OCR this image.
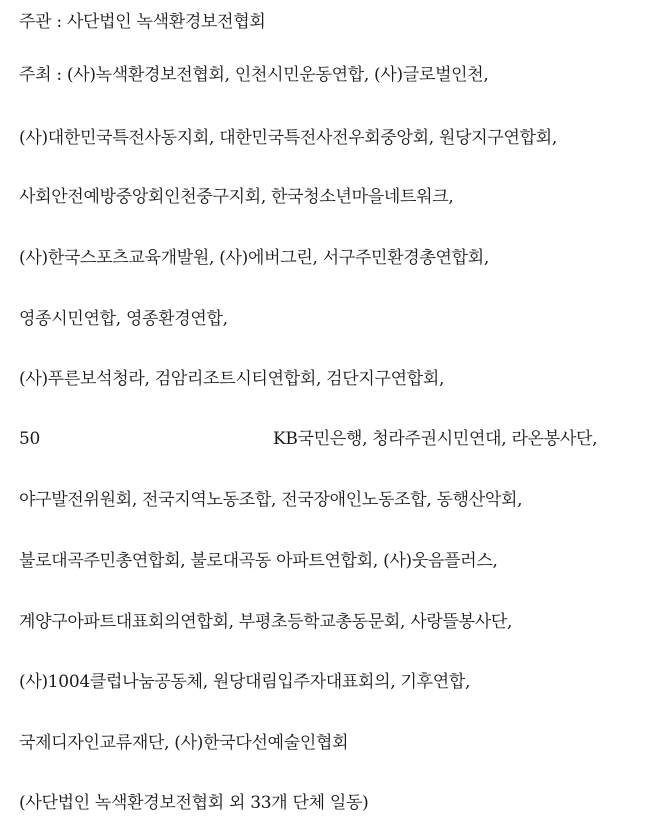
주관 : 사단법인 녹색환경보전협회
주최 : (사)녹색환경보전협회, 인천시민운동연합, (사)글로벌인천,
(사)대한민국특전사동지회, 대한민국특전사전우회중앙회, 원당지구연합회,
사회안전예방중앙회인천중구지회, 한국청소년마을네트워크,
(사)한국스포츠교육개발원, (사)에버그린, 서구주민환경총연합회,
영종시민연합, 영종환경연합,
(사)푸른보석청라, 검암리조트시티연합회, 검단지구연합회,
50	KB국민은행, 청라주권시민연대, 라온봉사단,
야구발전위원회, 전국지역노동조합, 전국장애인노동조합, 동행산악회,
불로대곡주민총연합회, 불로대곡동 아파트연합회, (사)웃음플러스,
계양구아파트대표회의연합회, 부평초등학교총동문회, 사랑뜰봉사단,
(사)1004클럽나눔공동체, 원당대림입주자대표회의, 기후연합,
국제디자인교류재단, (사)한국다선예술인협회
(사단법인 녹색환경보전협회 외 33개 단체 일동)
